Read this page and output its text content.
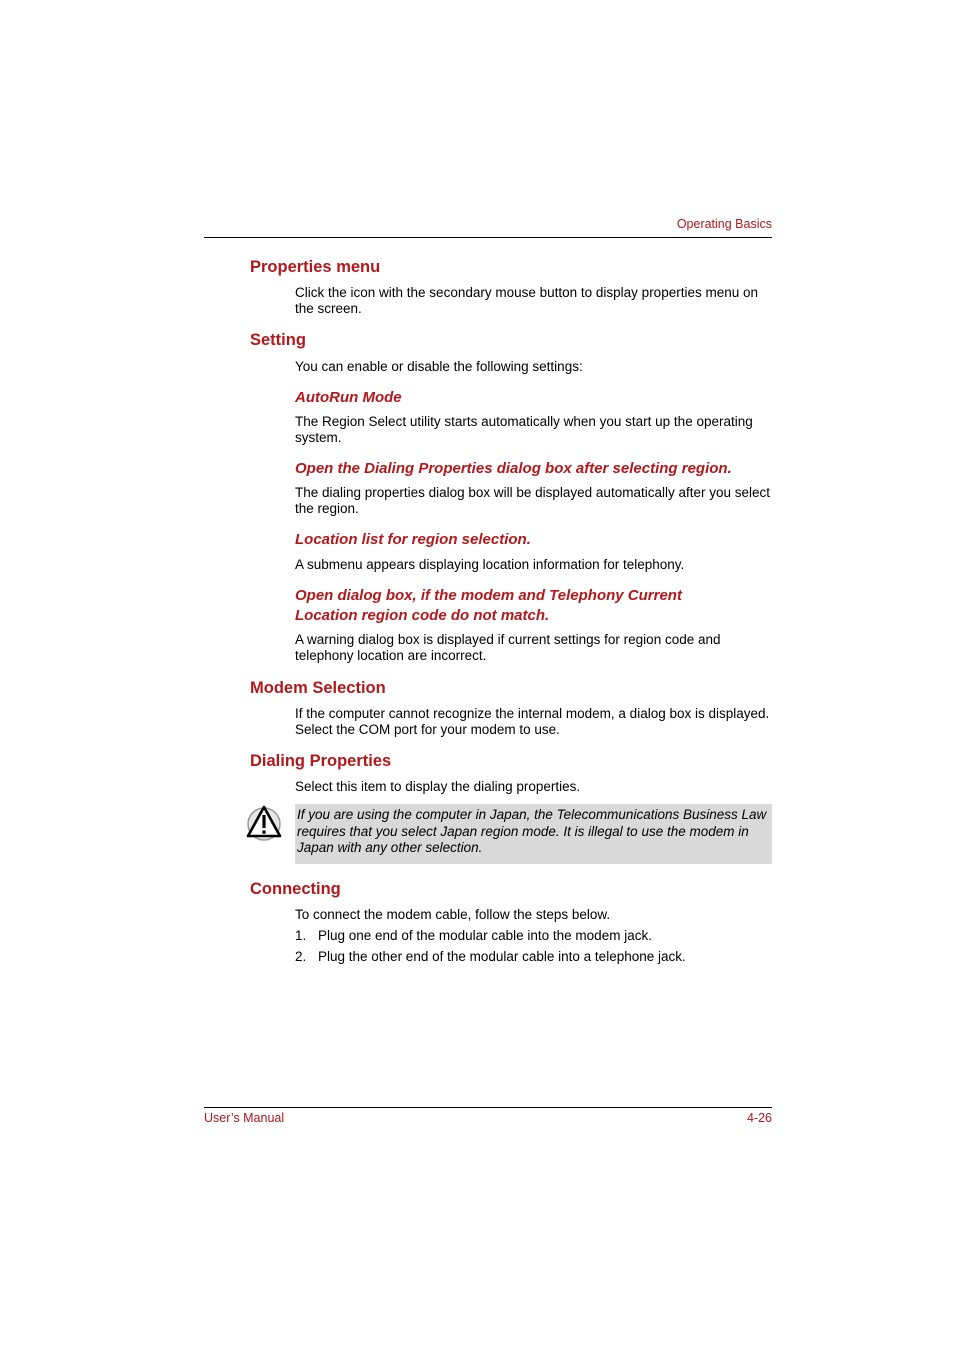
Operating Basics
Properties menu
Click the icon with the secondary mouse button to display properties menu on the screen.
Setting
You can enable or disable the following settings:
AutoRun Mode
The Region Select utility starts automatically when you start up the operating system.
Open the Dialing Properties dialog box after selecting region.
The dialing properties dialog box will be displayed automatically after you select the region.
Location list for region selection.
A submenu appears displaying location information for telephony.
Open dialog box, if the modem and Telephony Current Location region code do not match.
A warning dialog box is displayed if current settings for region code and telephony location are incorrect.
Modem Selection
If the computer cannot recognize the internal modem, a dialog box is displayed. Select the COM port for your modem to use.
Dialing Properties
Select this item to display the dialing properties.
If you are using the computer in Japan, the Telecommunications Business Law requires that you select Japan region mode. It is illegal to use the modem in Japan with any other selection.
Connecting
To connect the modem cable, follow the steps below.
1. Plug one end of the modular cable into the modem jack.
2. Plug the other end of the modular cable into a telephone jack.
User’s Manual	4-26
